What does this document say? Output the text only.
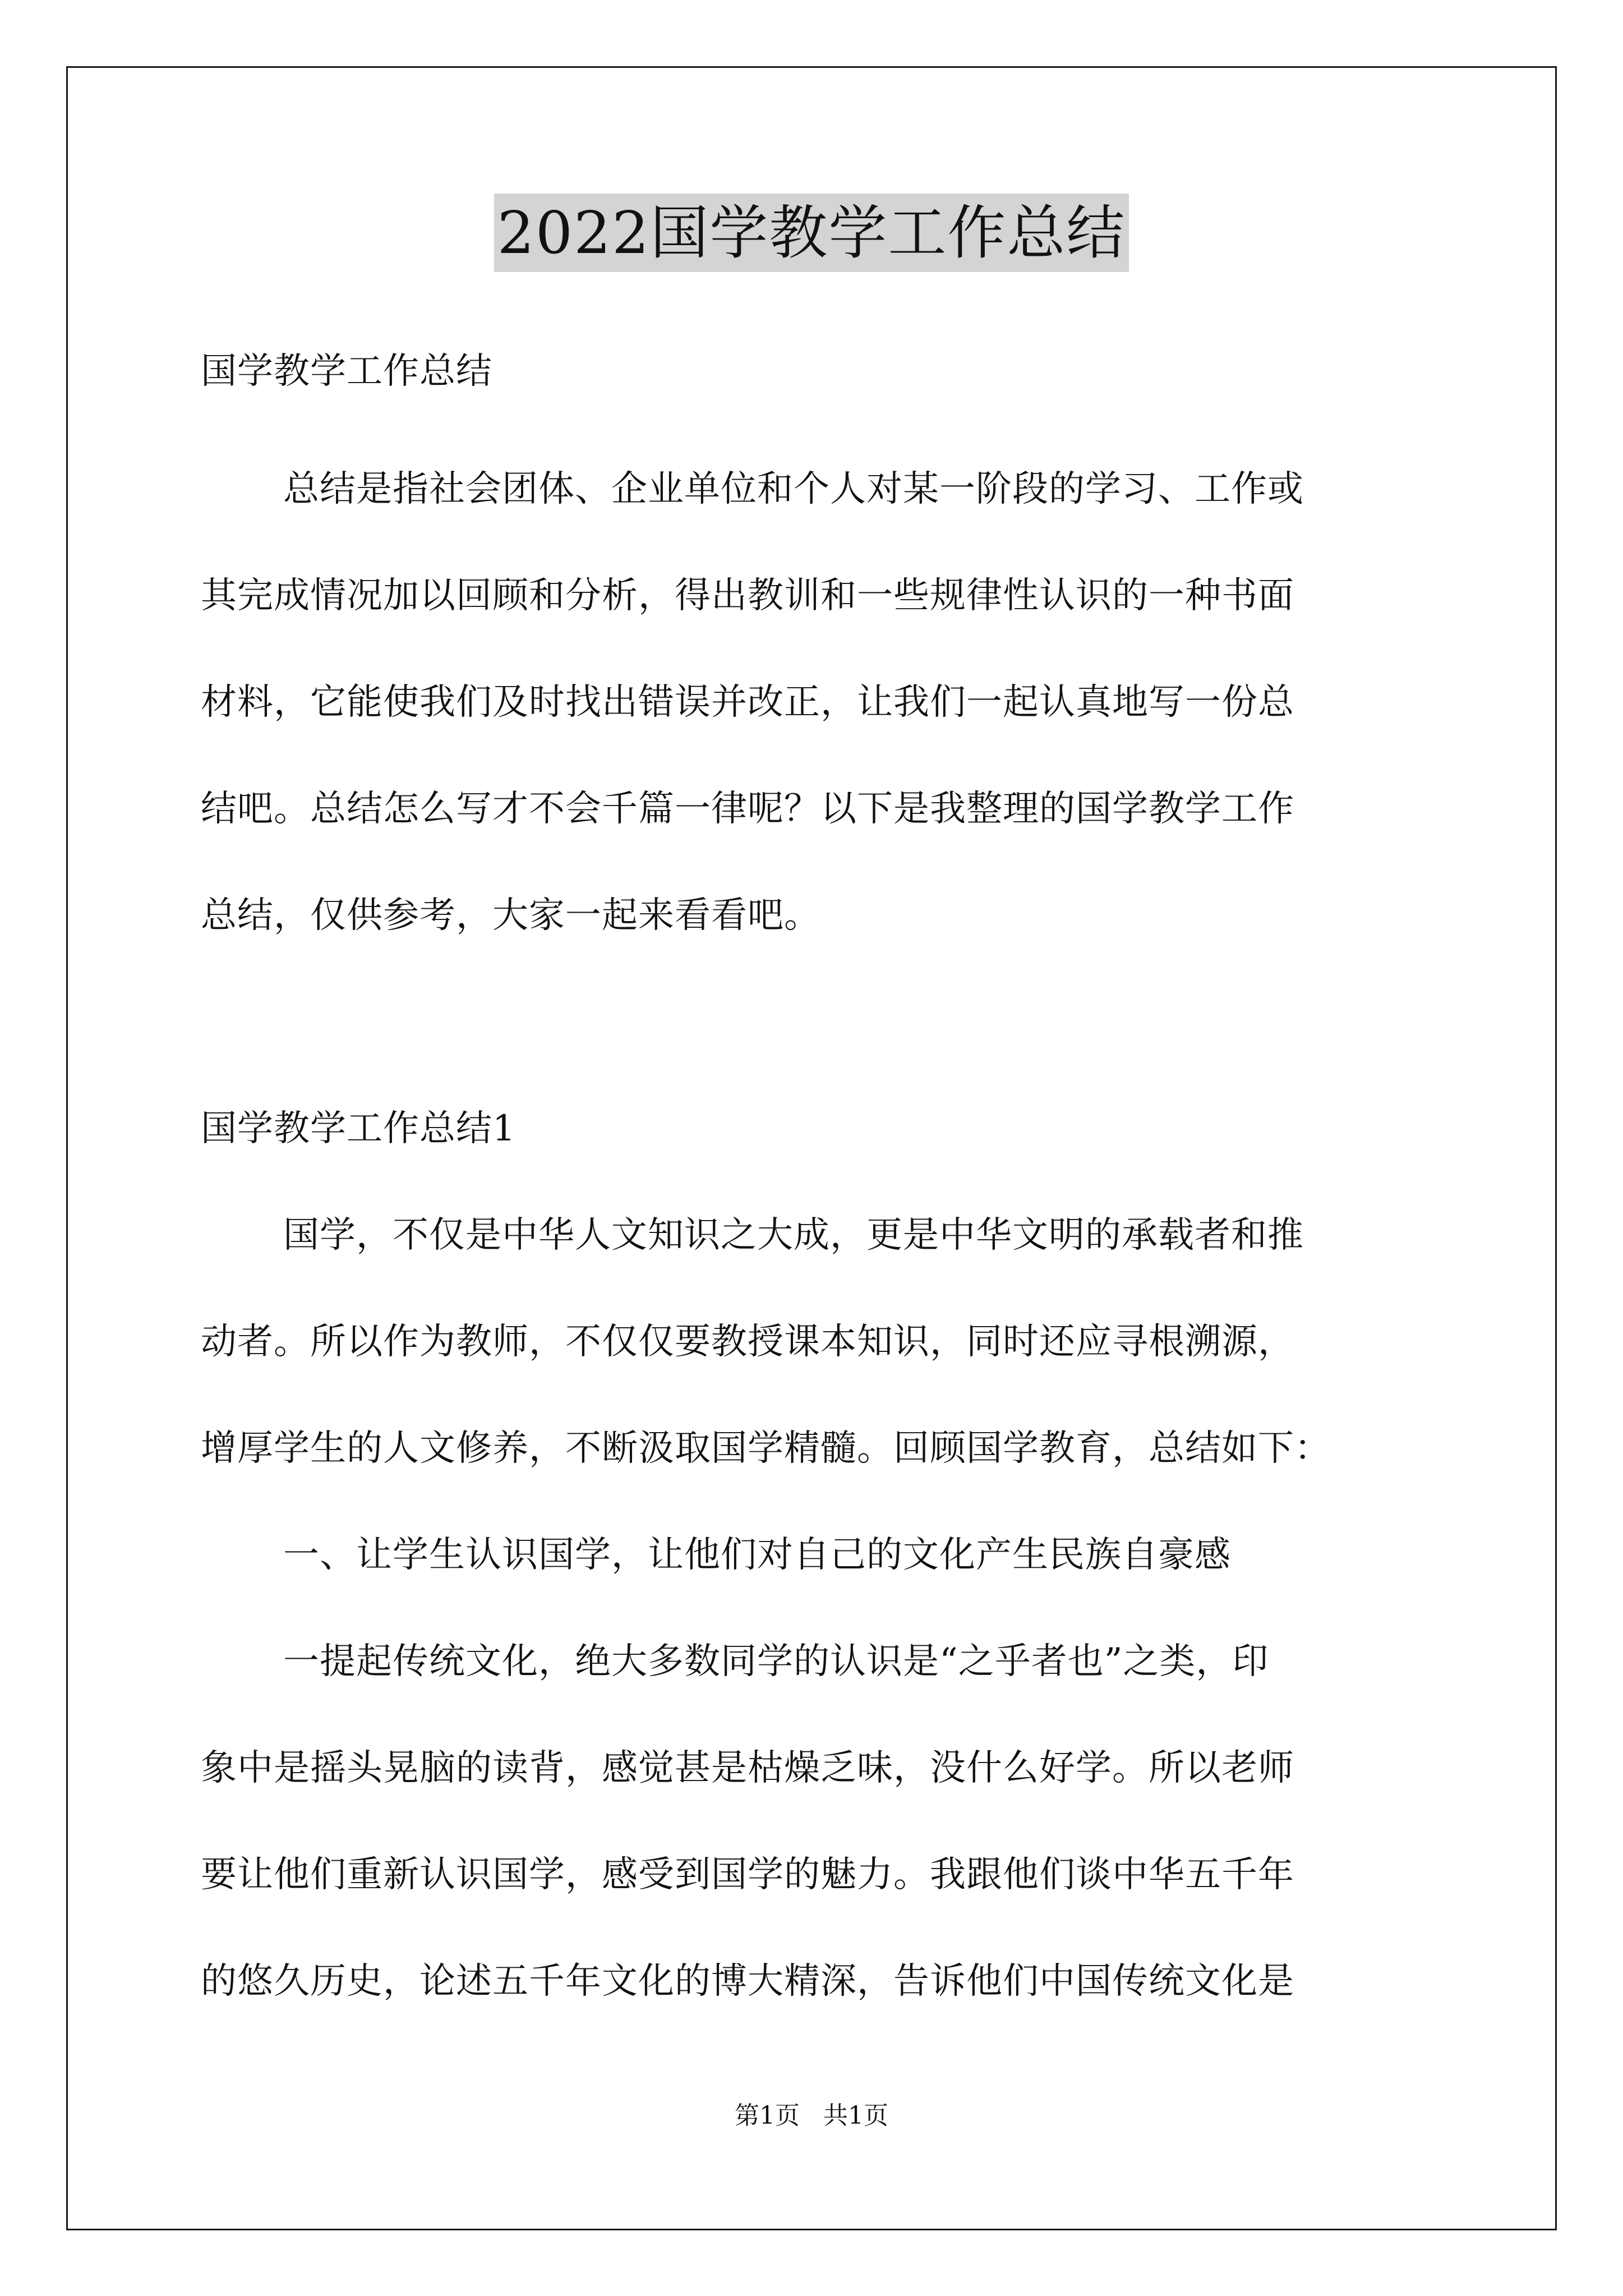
2022国学教学工作总结
国学教学工作总结
总结是指社会团体、企业单位和个人对某一阶段的学习、工作或
其完成情况加以回顾和分析，得出教训和一些规律性认识的一种书面
材料，它能使我们及时找出错误并改正，让我们一起认真地写一份总
结吧。总结怎么写才不会千篇一律呢？以下是我整理的国学教学工作
总结，仅供参考，大家一起来看看吧。
国学教学工作总结1
国学，不仅是中华人文知识之大成，更是中华文明的承载者和推
动者。所以作为教师，不仅仅要教授课本知识，同时还应寻根溯源，
增厚学生的人文修养，不断汲取国学精髓。回顾国学教育，总结如下：
一、让学生认识国学，让他们对自己的文化产生民族自豪感
一提起传统文化，绝大多数同学的认识是“之乎者也”之类，印
象中是摇头晃脑的读背，感觉甚是枯燥乏味，没什么好学。所以老师
要让他们重新认识国学，感受到国学的魅力。我跟他们谈中华五千年
的悠久历史，论述五千年文化的博大精深，告诉他们中国传统文化是
第1页   共1页
